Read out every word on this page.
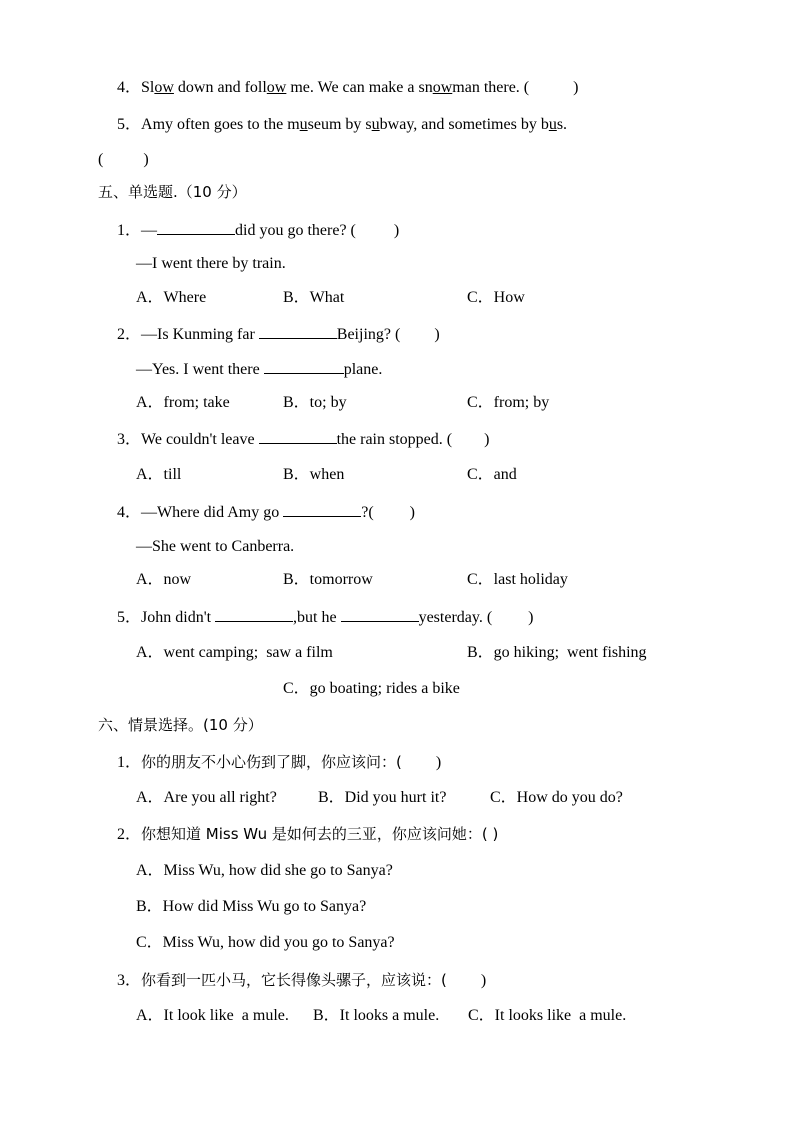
4．Slow down and follow me. We can make a snowman there. (	)
5．Amy often goes to the museum by subway, and sometimes by bus.
(          )
五、单选题.（10 分）
1．—	did you go there? ( )
—I went there by train.
A．Where	B．What	C．How
2．—Is Kunming far	Beijing? ( )
—Yes. I went there	plane.
A．from; take	B．to; by	C．from; by
3．We couldn't leave	the rain stopped. ( )
A．till	B．when	C．and
4．—Where did Amy go	?( )
—She went to Canberra.
A．now	B．tomorrow	C．last holiday
5．John didn't	,but he	yesterday. ( )
A．went camping;  saw a film	B．go hiking;  went fishing
C．go boating; rides a bike
六、情景选择。(10 分）
1．你的朋友不小心伤到了脚，你应该问：( )
A．Are you all right?	B．Did you hurt it?	C．How do you do?
2．你想知道 Miss Wu 是如何去的三亚，你应该问她：( )
A．Miss Wu, how did she go to Sanya?
B．How did Miss Wu go to Sanya?
C．Miss Wu, how did you go to Sanya?
3．你看到一匹小马，它长得像头骡子，应该说：( )
A．It look like  a mule. B．It looks a mule. C．It looks like  a mule.
